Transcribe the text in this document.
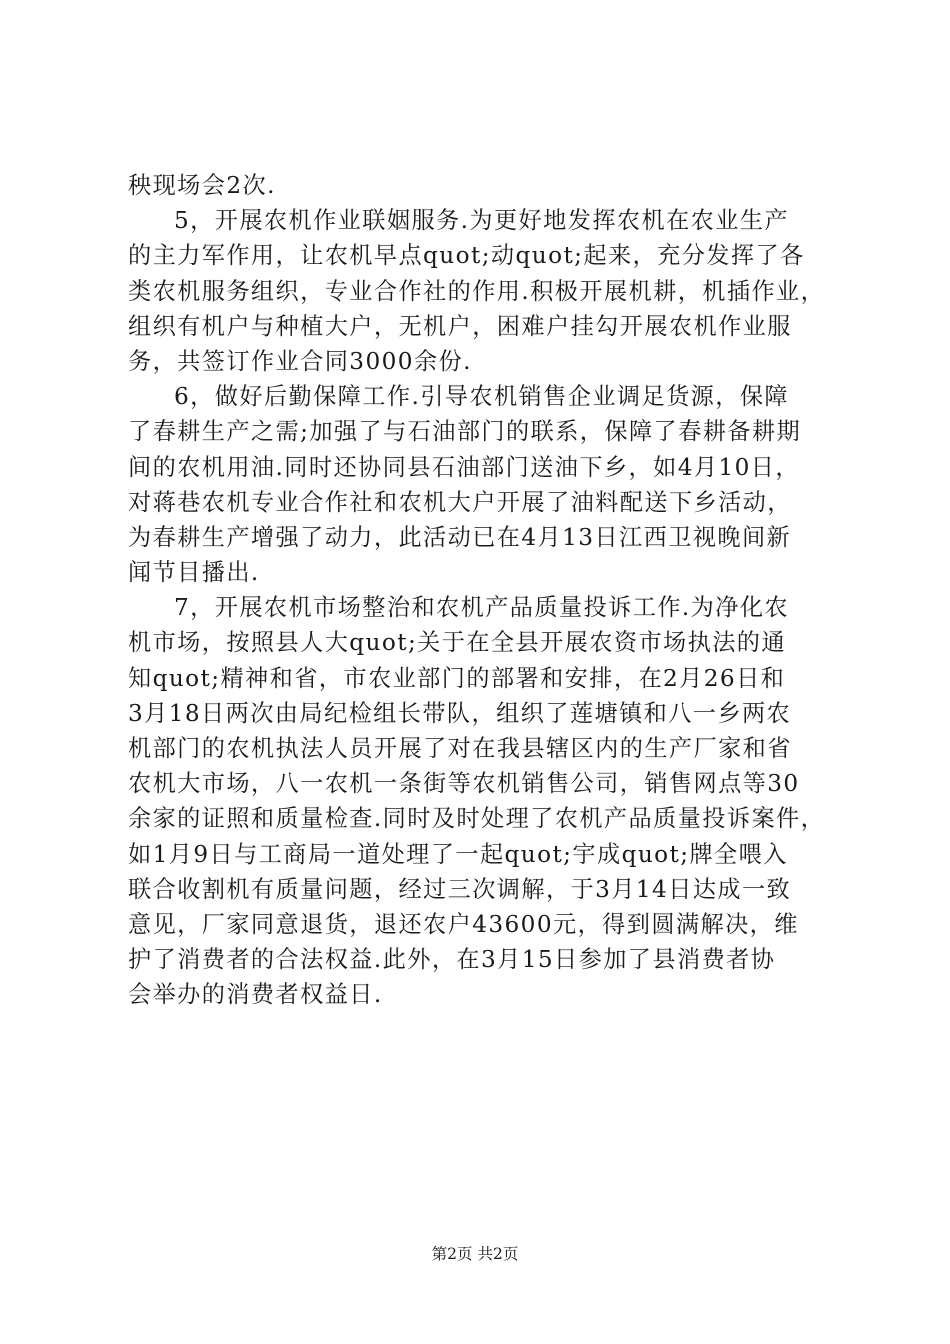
秧现场会2次.
5，开展农机作业联姻服务.为更好地发挥农机在农业生产
的主力军作用，让农机早点quot;动quot;起来，充分发挥了各
类农机服务组织，专业合作社的作用.积极开展机耕，机插作业，
组织有机户与种植大户，无机户，困难户挂勾开展农机作业服
务，共签订作业合同3000余份.
6，做好后勤保障工作.引导农机销售企业调足货源，保障
了春耕生产之需;加强了与石油部门的联系，保障了春耕备耕期
间的农机用油.同时还协同县石油部门送油下乡，如4月10日，
对蒋巷农机专业合作社和农机大户开展了油料配送下乡活动，
为春耕生产增强了动力，此活动已在4月13日江西卫视晚间新
闻节目播出.
7，开展农机市场整治和农机产品质量投诉工作.为净化农
机市场，按照县人大quot;关于在全县开展农资市场执法的通
知quot;精神和省，市农业部门的部署和安排，在2月26日和
3月18日两次由局纪检组长带队，组织了莲塘镇和八一乡两农
机部门的农机执法人员开展了对在我县辖区内的生产厂家和省
农机大市场，八一农机一条街等农机销售公司，销售网点等30
余家的证照和质量检查.同时及时处理了农机产品质量投诉案件，
如1月9日与工商局一道处理了一起quot;宇成quot;牌全喂入
联合收割机有质量问题，经过三次调解，于3月14日达成一致
意见，厂家同意退货，退还农户43600元，得到圆满解决，维
护了消费者的合法权益.此外，在3月15日参加了县消费者协
会举办的消费者权益日.
第2页 共2页
